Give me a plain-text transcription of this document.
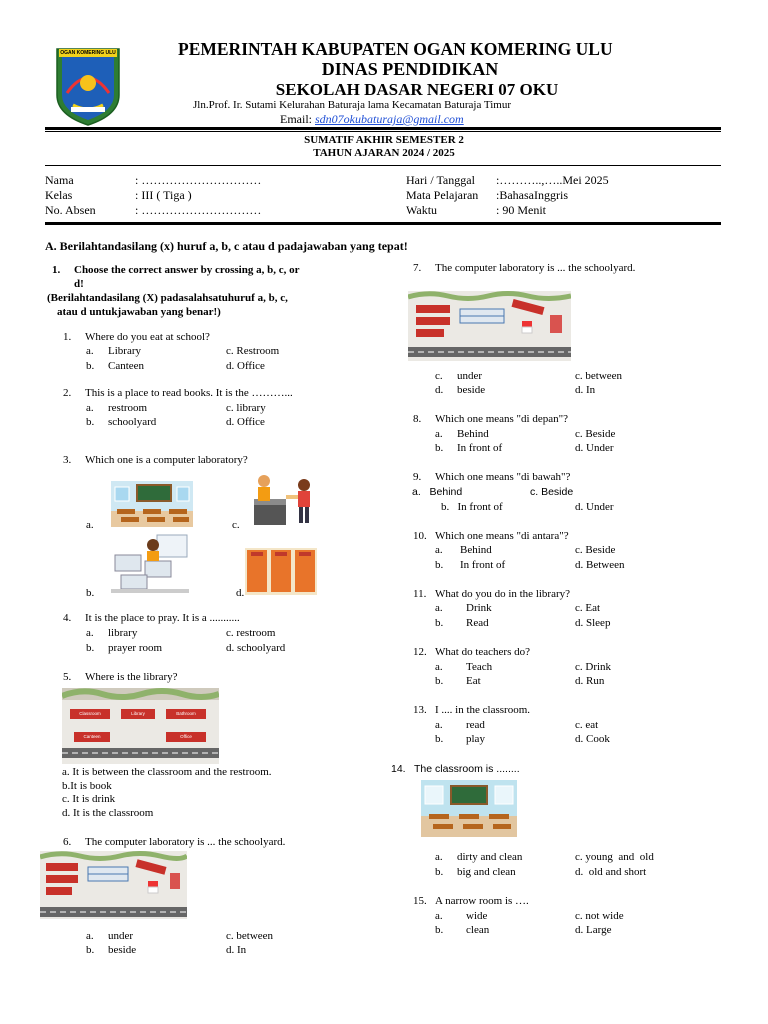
OGAN KOMERING ULU	PEMERINTAH KABUPATEN OGAN KOMERING ULU
DINAS PENDIDIKAN
SEKOLAH DASAR NEGERI 07 OKU
Jln.Prof. Ir. Sutami Kelurahan Baturaja lama Kecamatan Baturaja Timur
Email: sdn07okubaturaja@gmail.com
SUMATIF AKHIR SEMESTER 2
TAHUN AJARAN 2024 / 2025
Nama	: …………………………
Kelas	: III ( Tiga )
No. Absen	: …………………………
Hari / Tanggal :………..,…..Mei 2025
Mata Pelajaran :BahasaInggris
Waktu	: 90 Menit
A. Berilahtandasilang (x) huruf a, b, c atau d padajawaban yang tepat!
1. Choose the correct answer by crossing a, b, c, or
d!
(Berilahtandasilang (X) padasalahsatuhuruf a, b, c,
atau d untukjawaban yang benar!)
1. Where do you eat at school?
a. Library	c. Restroom
b. Canteen	d. Office
2. This is a place to read books. It is the ………...
a. restroom	c. library
b. schoolyard	d. Office
3. Which one is a computer laboratory?
a.	c.
b.	d.
4. It is the place to pray. It is a ...........
a. library	c. restroom
b. prayer room	d. schoolyard
5. Where is the library?
Classroom	Library	Bathroom
Canteen	Office
a. It is between the classroom and the restroom.
b.It is book
c. It is drink
d. It is the classroom
6. The computer laboratory is ... the schoolyard.
a. under	c. between
b. beside	d. In
7. The computer laboratory is ... the schoolyard.
c. under	c. between
d. beside	d. In
8. Which one means "di depan"?
a. Behind	c. Beside
b. In front of	d. Under
9. Which one means "di bawah"?
a.   Behind	c. Beside
b.   In front of	d. Under
10. Which one means "di antara"?
a. Behind	c. Beside
b. In front of	d. Between
11. What do you do in the library?
a. Drink	c. Eat
b. Read	d. Sleep
12. What do teachers do?
a. Teach	c. Drink
b. Eat	d. Run
13. I .... in the classroom.
a. read	c. eat
b. play	d. Cook
14. The classroom is ........
a. dirty and clean	c. young  and  old
b. big and clean	d.  old and short
15. A narrow room is ….
a. wide	c. not wide
b. clean	d. Large
